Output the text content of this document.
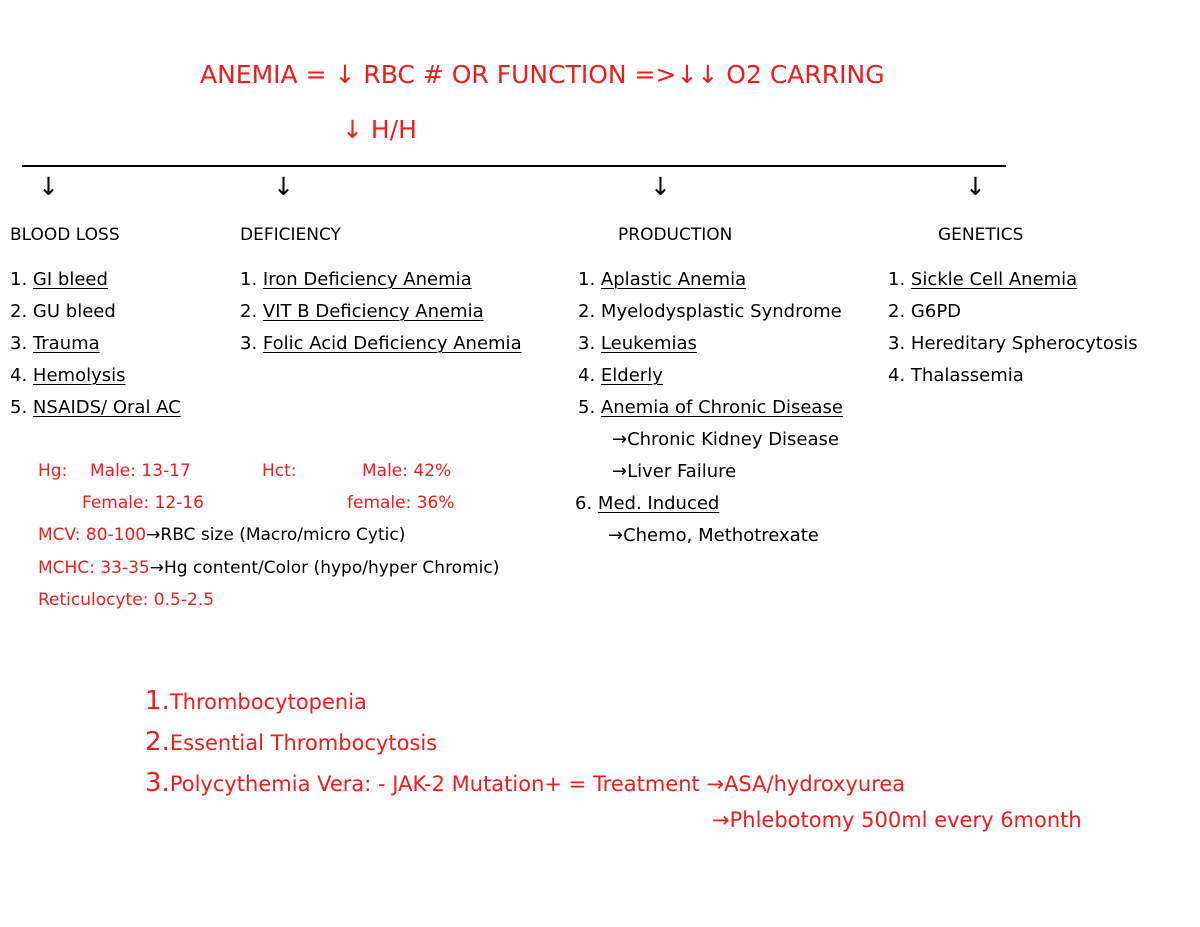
ANEMIA = ↓ RBC # OR FUNCTION =>↓↓ O2 CARRING
↓ H/H
↓	↓	↓	↓
BLOOD LOSS
1. GI bleed
2. GU bleed
3. Trauma
4. Hemolysis
5. NSAIDS/ Oral AC
DEFICIENCY
1. Iron Deficiency Anemia
2. VIT B Deficiency Anemia
3. Folic Acid Deficiency Anemia
PRODUCTION
1. Aplastic Anemia
2. Myelodysplastic Syndrome
3. Leukemias
4. Elderly
5. Anemia of Chronic Disease
→Chronic Kidney Disease
→Liver Failure
6. Med. Induced
→Chemo, Methotrexate
GENETICS
1. Sickle Cell Anemia
2. G6PD
3. Hereditary Spherocytosis
4. Thalassemia
Hg: Male: 13-17	Hct:	Male: 42%
Female: 12-16	female: 36%
MCV: 80-100→RBC size (Macro/micro Cytic)
MCHC: 33-35→Hg content/Color (hypo/hyper Chromic)
Reticulocyte: 0.5-2.5
1.Thrombocytopenia
2.Essential Thrombocytosis
3.Polycythemia Vera: - JAK-2 Mutation+ = Treatment →ASA/hydroxyurea
→Phlebotomy 500ml every 6month
